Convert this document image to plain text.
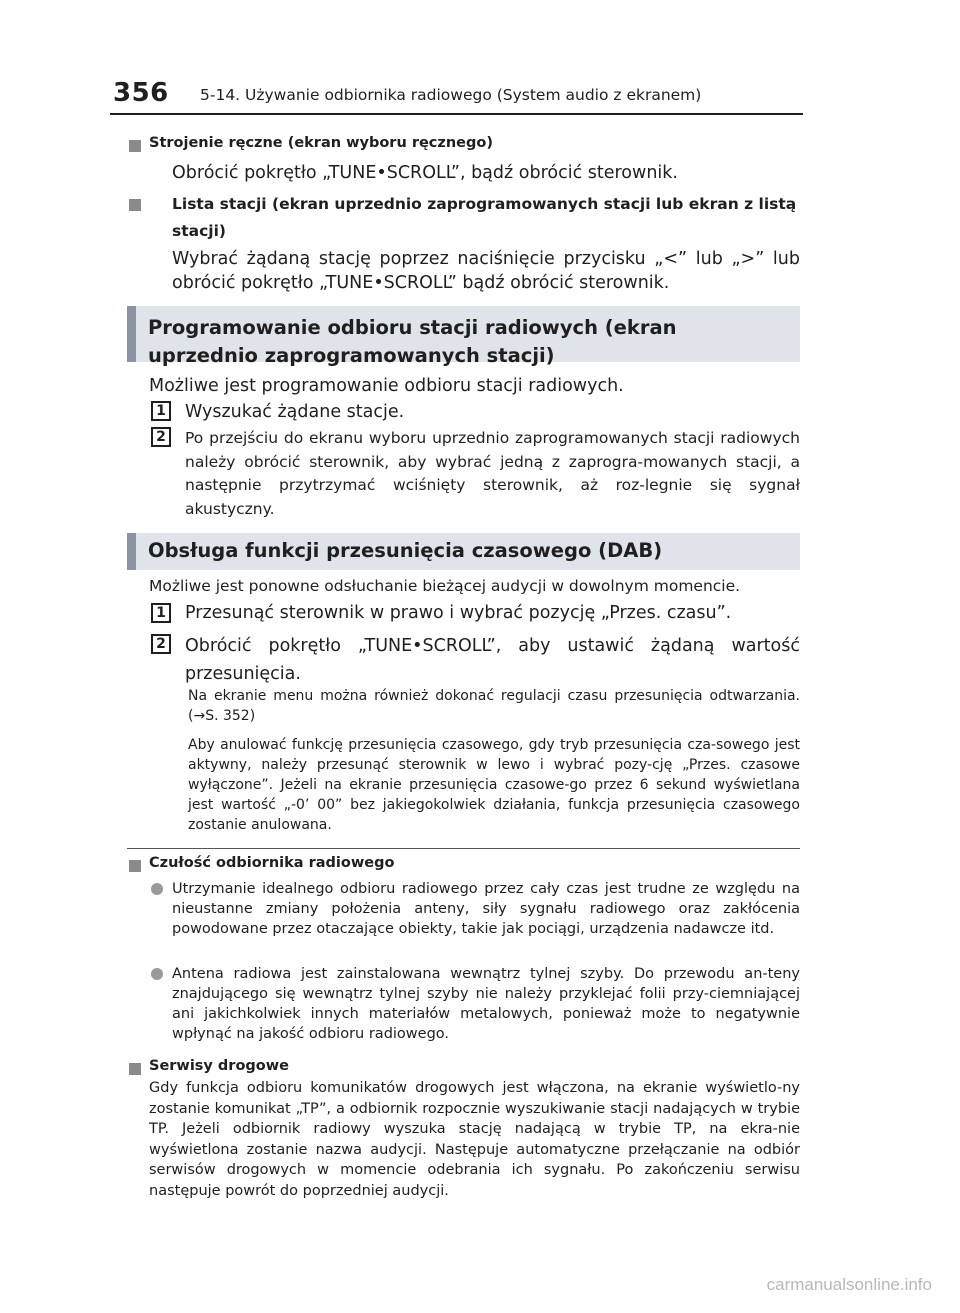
356 5-14. Używanie odbiornika radiowego (System audio z ekranem)
Strojenie ręczne (ekran wyboru ręcznego)
Obrócić pokrętło „TUNE•SCROLL”, bądź obrócić sterownik.
Lista stacji (ekran uprzednio zaprogramowanych stacji lub ekran z listą stacji)
Wybrać żądaną stację poprzez naciśnięcie przycisku „<” lub „>” lub obrócić pokrętło „TUNE•SCROLL” bądź obrócić sterownik.
Programowanie odbioru stacji radiowych (ekran uprzednio zaprogramowanych stacji)
Możliwe jest programowanie odbioru stacji radiowych.
1 Wyszukać żądane stacje.
2	Po przejściu do ekranu wyboru uprzednio zaprogramowanych stacji radiowych należy obrócić sterownik, aby wybrać jedną z zaprogra-mowanych stacji, a następnie przytrzymać wciśnięty sterownik, aż roz-legnie się sygnał akustyczny.
Obsługa funkcji przesunięcia czasowego (DAB)
Możliwe jest ponowne odsłuchanie bieżącej audycji w dowolnym momencie.
1 Przesunąć sterownik w prawo i wybrać pozycję „Przes. czasu”.
2 Obrócić pokrętło „TUNE•SCROLL”, aby ustawić żądaną wartość przesunięcia.
Na ekranie menu można również dokonać regulacji czasu przesunięcia odtwarzania. (→S. 352)
Aby anulować funkcję przesunięcia czasowego, gdy tryb przesunięcia cza-sowego jest aktywny, należy przesunąć sterownik w lewo i wybrać pozy-cję „Przes. czasowe wyłączone”. Jeżeli na ekranie przesunięcia czasowe-go przez 6 sekund wyświetlana jest wartość „-0’ 00” bez jakiegokolwiek działania, funkcja przesunięcia czasowego zostanie anulowana.
Czułość odbiornika radiowego
Utrzymanie idealnego odbioru radiowego przez cały czas jest trudne ze względu na nieustanne zmiany położenia anteny, siły sygnału radiowego oraz zakłócenia powodowane przez otaczające obiekty, takie jak pociągi, urządzenia nadawcze itd.
Antena radiowa jest zainstalowana wewnątrz tylnej szyby. Do przewodu an-teny znajdującego się wewnątrz tylnej szyby nie należy przyklejać folii przy-ciemniającej ani jakichkolwiek innych materiałów metalowych, ponieważ może to negatywnie wpłynąć na jakość odbioru radiowego.
Serwisy drogowe
Gdy funkcja odbioru komunikatów drogowych jest włączona, na ekranie wyświetlo-ny zostanie komunikat „TP”, a odbiornik rozpocznie wyszukiwanie stacji nadających w trybie TP. Jeżeli odbiornik radiowy wyszuka stację nadającą w trybie TP, na ekra-nie wyświetlona zostanie nazwa audycji. Następuje automatyczne przełączanie na odbiór serwisów drogowych w momencie odebrania ich sygnału. Po zakończeniu serwisu następuje powrót do poprzedniej audycji.
carmanualsonline.info
